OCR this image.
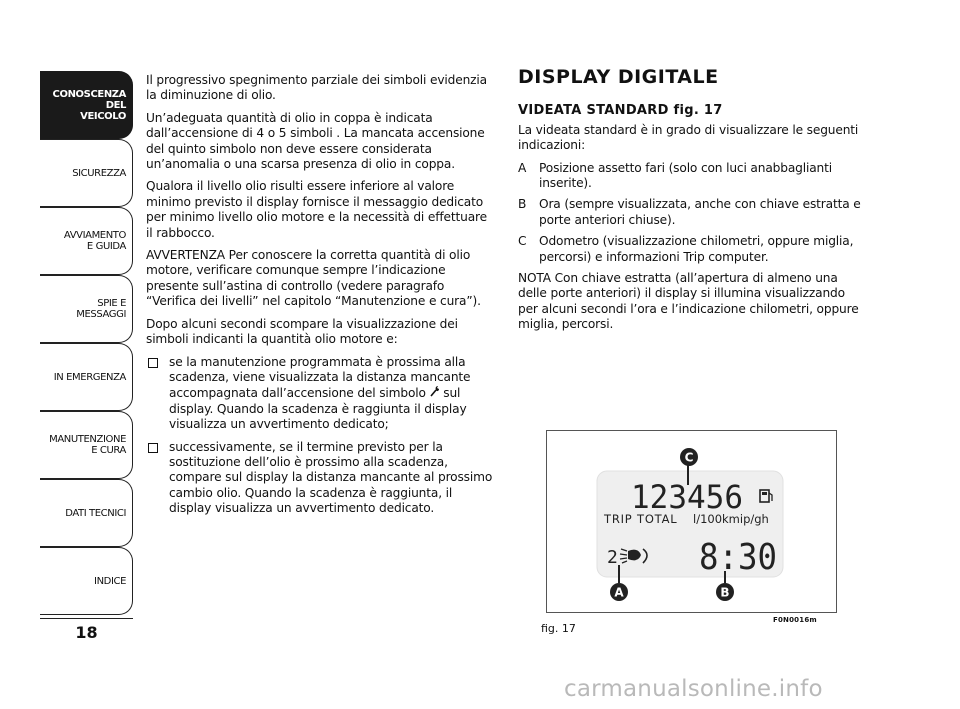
CONOSCENZA
DEL
VEICOLO
SICUREZZA
AVVIAMENTO
E GUIDA
SPIE E
MESSAGGI
IN EMERGENZA
MANUTENZIONE
E CURA
DATI TECNICI
INDICE
18

Il progressivo spegnimento parziale dei simboli evidenzia la diminuzione di olio.

Un’adeguata quantità di olio in coppa è indicata dall’accensione di 4 o 5 simboli . La mancata accensione del quinto simbolo non deve essere considerata un’anomalia o una scarsa presenza di olio in coppa.

Qualora il livello olio risulti essere inferiore al valore minimo previsto il display fornisce il messaggio dedicato per minimo livello olio motore e la necessità di effettuare il rabbocco.

AVVERTENZA Per conoscere la corretta quantità di olio motore, verificare comunque sempre l’indicazione presente sull’astina di controllo (vedere paragrafo “Verifica dei livelli” nel capitolo “Manutenzione e cura”).

Dopo alcuni secondi scompare la visualizzazione dei simboli indicanti la quantità olio motore e:

se la manutenzione programmata è prossima alla scadenza, viene visualizzata la distanza mancante accompagnata dall’accensione del simbolo  sul display. Quando la scadenza è raggiunta il display visualizza un avvertimento dedicato;
successivamente, se il termine previsto per la sostituzione dell’olio è prossimo alla scadenza, compare sul display la distanza mancante al prossimo cambio olio. Quando la scadenza è raggiunta, il display visualizza un avvertimento dedicato.
DISPLAY DIGITALE
VIDEATA STANDARD fig. 17

La videata standard è in grado di visualizzare le seguenti indicazioni:

A Posizione assetto fari (solo con luci anabbaglianti inserite).
B Ora (sempre visualizzata, anche con chiave estratta e porte anteriori chiuse).
C Odometro (visualizzazione chilometri, oppure miglia, percorsi) e informazioni Trip computer.

NOTA Con chiave estratta (all’apertura di almeno una delle porte anteriori) il display si illumina visualizzando per alcuni secondi l’ora e l’indicazione chilometri, oppure miglia, percorsi.

123456
TRIP TOTAL l/100kmip/gh
2 8:30
C
A	B
fig. 17
F0N0016m
carmanualsonline.info
